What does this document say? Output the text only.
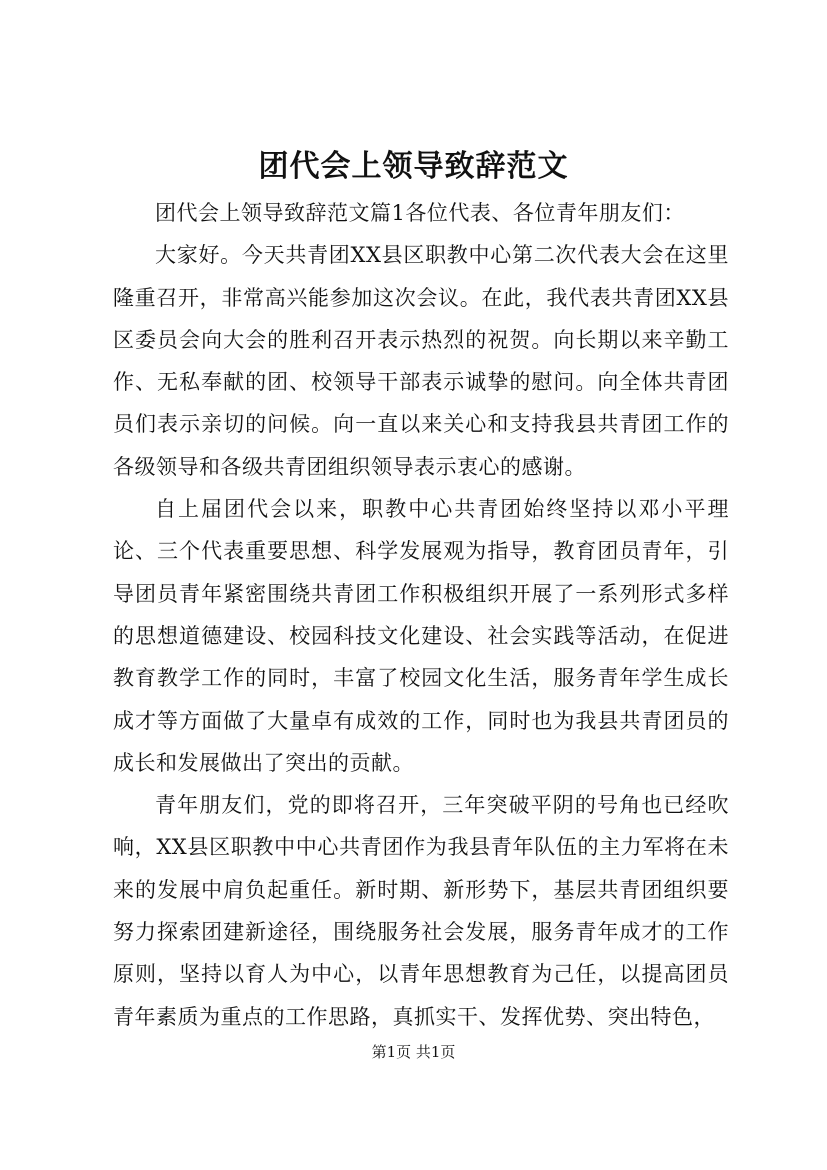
团代会上领导致辞范文

团代会上领导致辞范文篇1各位代表、各位青年朋友们：

大家好。今天共青团XX县区职教中心第二次代表大会在这里隆重召开，非常高兴能参加这次会议。在此，我代表共青团XX县区委员会向大会的胜利召开表示热烈的祝贺。向长期以来辛勤工作、无私奉献的团、校领导干部表示诚挚的慰问。向全体共青团员们表示亲切的问候。向一直以来关心和支持我县共青团工作的各级领导和各级共青团组织领导表示衷心的感谢。

自上届团代会以来，职教中心共青团始终坚持以邓小平理论、三个代表重要思想、科学发展观为指导，教育团员青年，引导团员青年紧密围绕共青团工作积极组织开展了一系列形式多样的思想道德建设、校园科技文化建设、社会实践等活动，在促进教育教学工作的同时，丰富了校园文化生活，服务青年学生成长成才等方面做了大量卓有成效的工作，同时也为我县共青团员的成长和发展做出了突出的贡献。

青年朋友们，党的即将召开，三年突破平阴的号角也已经吹响，XX县区职教中中心共青团作为我县青年队伍的主力军将在未来的发展中肩负起重任。新时期、新形势下，基层共青团组织要努力探索团建新途径，围绕服务社会发展，服务青年成才的工作原则，坚持以育人为中心，以青年思想教育为己任，以提高团员青年素质为重点的工作思路，真抓实干、发挥优势、突出特色，

第1页 共1页
